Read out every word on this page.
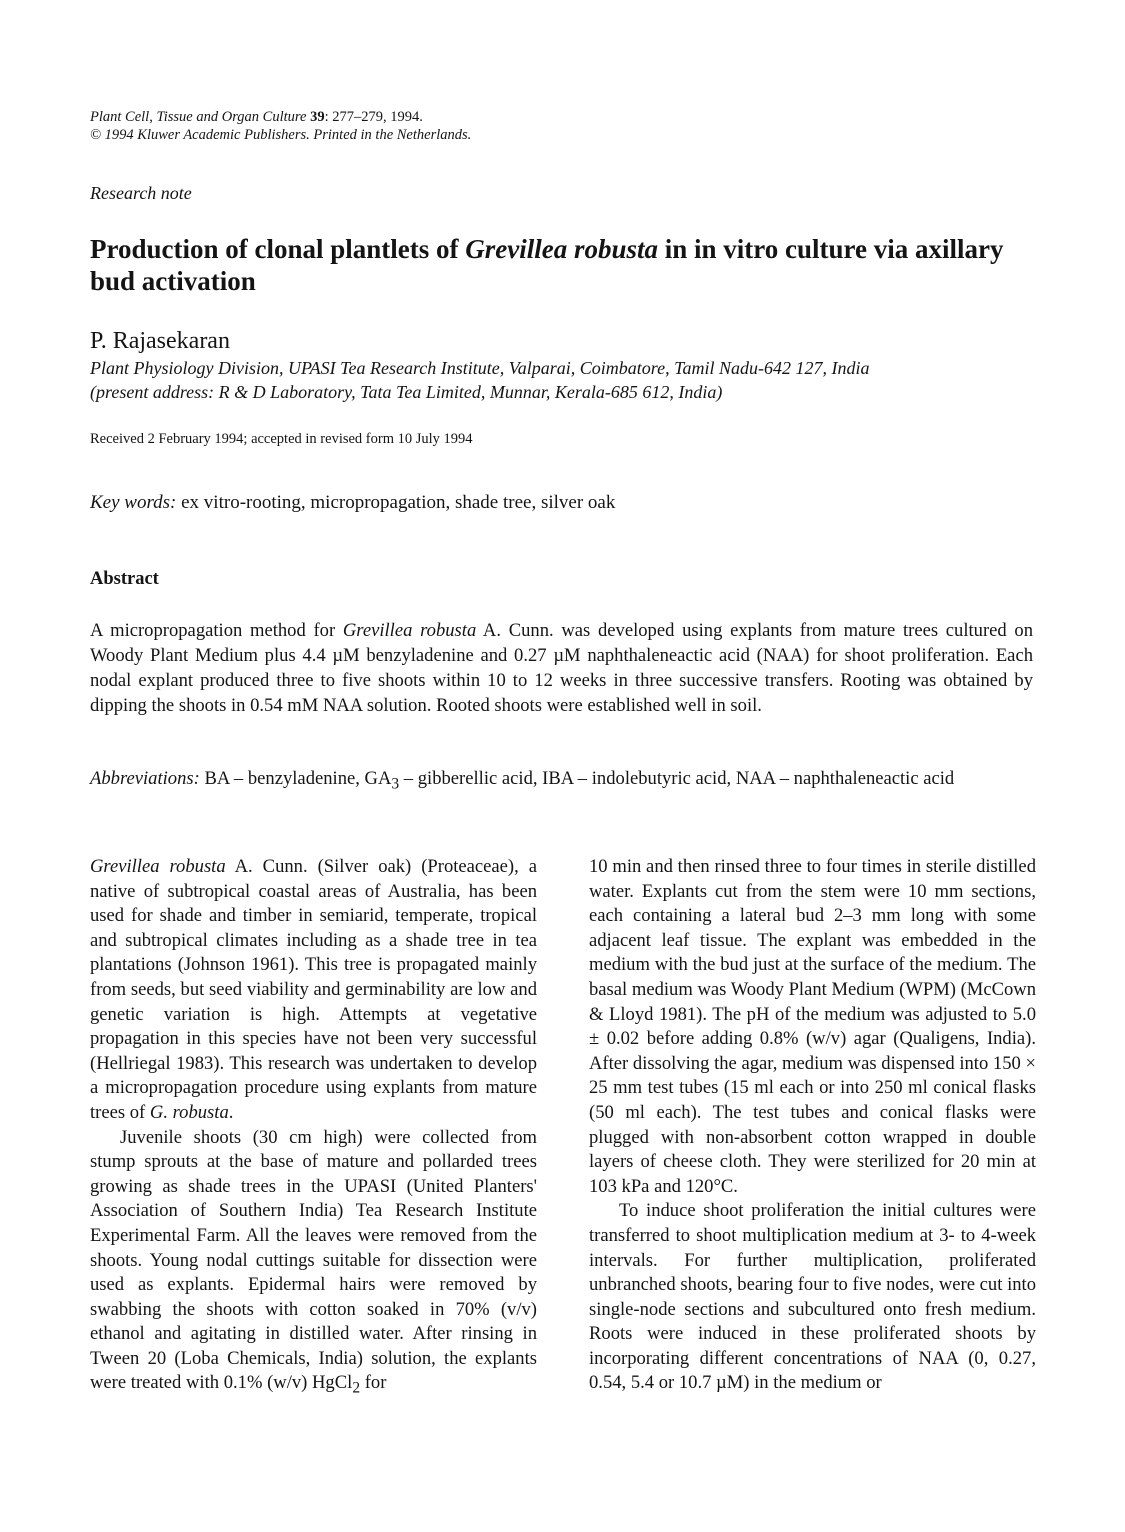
Plant Cell, Tissue and Organ Culture 39: 277–279, 1994.
© 1994 Kluwer Academic Publishers. Printed in the Netherlands.
Research note
Production of clonal plantlets of Grevillea robusta in in vitro culture via axillary bud activation
P. Rajasekaran
Plant Physiology Division, UPASI Tea Research Institute, Valparai, Coimbatore, Tamil Nadu-642 127, India
(present address: R & D Laboratory, Tata Tea Limited, Munnar, Kerala-685 612, India)
Received 2 February 1994; accepted in revised form 10 July 1994
Key words: ex vitro-rooting, micropropagation, shade tree, silver oak
Abstract
A micropropagation method for Grevillea robusta A. Cunn. was developed using explants from mature trees cultured on Woody Plant Medium plus 4.4 µM benzyladenine and 0.27 µM naphthaleneactic acid (NAA) for shoot proliferation. Each nodal explant produced three to five shoots within 10 to 12 weeks in three successive transfers. Rooting was obtained by dipping the shoots in 0.54 mM NAA solution. Rooted shoots were established well in soil.
Abbreviations: BA – benzyladenine, $GA_3$ – gibberellic acid, IBA – indolebutyric acid, NAA – naphthaleneactic acid

Grevillea robusta A. Cunn. (Silver oak) (Proteaceae), a native of subtropical coastal areas of Australia, has been used for shade and timber in semiarid, temperate, tropical and subtropical climates including as a shade tree in tea plantations (Johnson 1961). This tree is propagated mainly from seeds, but seed viability and germinability are low and genetic variation is high. Attempts at vegetative propagation in this species have not been very successful (Hellriegal 1983). This research was undertaken to develop a micropropagation procedure using explants from mature trees of G. robusta.

Juvenile shoots (30 cm high) were collected from stump sprouts at the base of mature and pollarded trees growing as shade trees in the UPASI (United Planters' Association of Southern India) Tea Research Institute Experimental Farm. All the leaves were removed from the shoots. Young nodal cuttings suitable for dissection were used as explants. Epidermal hairs were removed by swabbing the shoots with cotton soaked in 70% (v/v) ethanol and agitating in distilled water. After rinsing in Tween 20 (Loba Chemicals, India) solution, the explants were treated with 0.1% (w/v) HgCl$_2$ for

10 min and then rinsed three to four times in sterile distilled water. Explants cut from the stem were 10 mm sections, each containing a lateral bud 2–3 mm long with some adjacent leaf tissue. The explant was embedded in the medium with the bud just at the surface of the medium. The basal medium was Woody Plant Medium (WPM) (McCown & Lloyd 1981). The pH of the medium was adjusted to 5.0 ± 0.02 before adding 0.8% (w/v) agar (Qualigens, India). After dissolving the agar, medium was dispensed into 150 × 25 mm test tubes (15 ml each or into 250 ml conical flasks (50 ml each). The test tubes and conical flasks were plugged with non-absorbent cotton wrapped in double layers of cheese cloth. They were sterilized for 20 min at 103 kPa and 120°C.

To induce shoot proliferation the initial cultures were transferred to shoot multiplication medium at 3- to 4-week intervals. For further multiplication, proliferated unbranched shoots, bearing four to five nodes, were cut into single-node sections and subcultured onto fresh medium. Roots were induced in these proliferated shoots by incorporating different concentrations of NAA (0, 0.27, 0.54, 5.4 or 10.7 µM) in the medium or
